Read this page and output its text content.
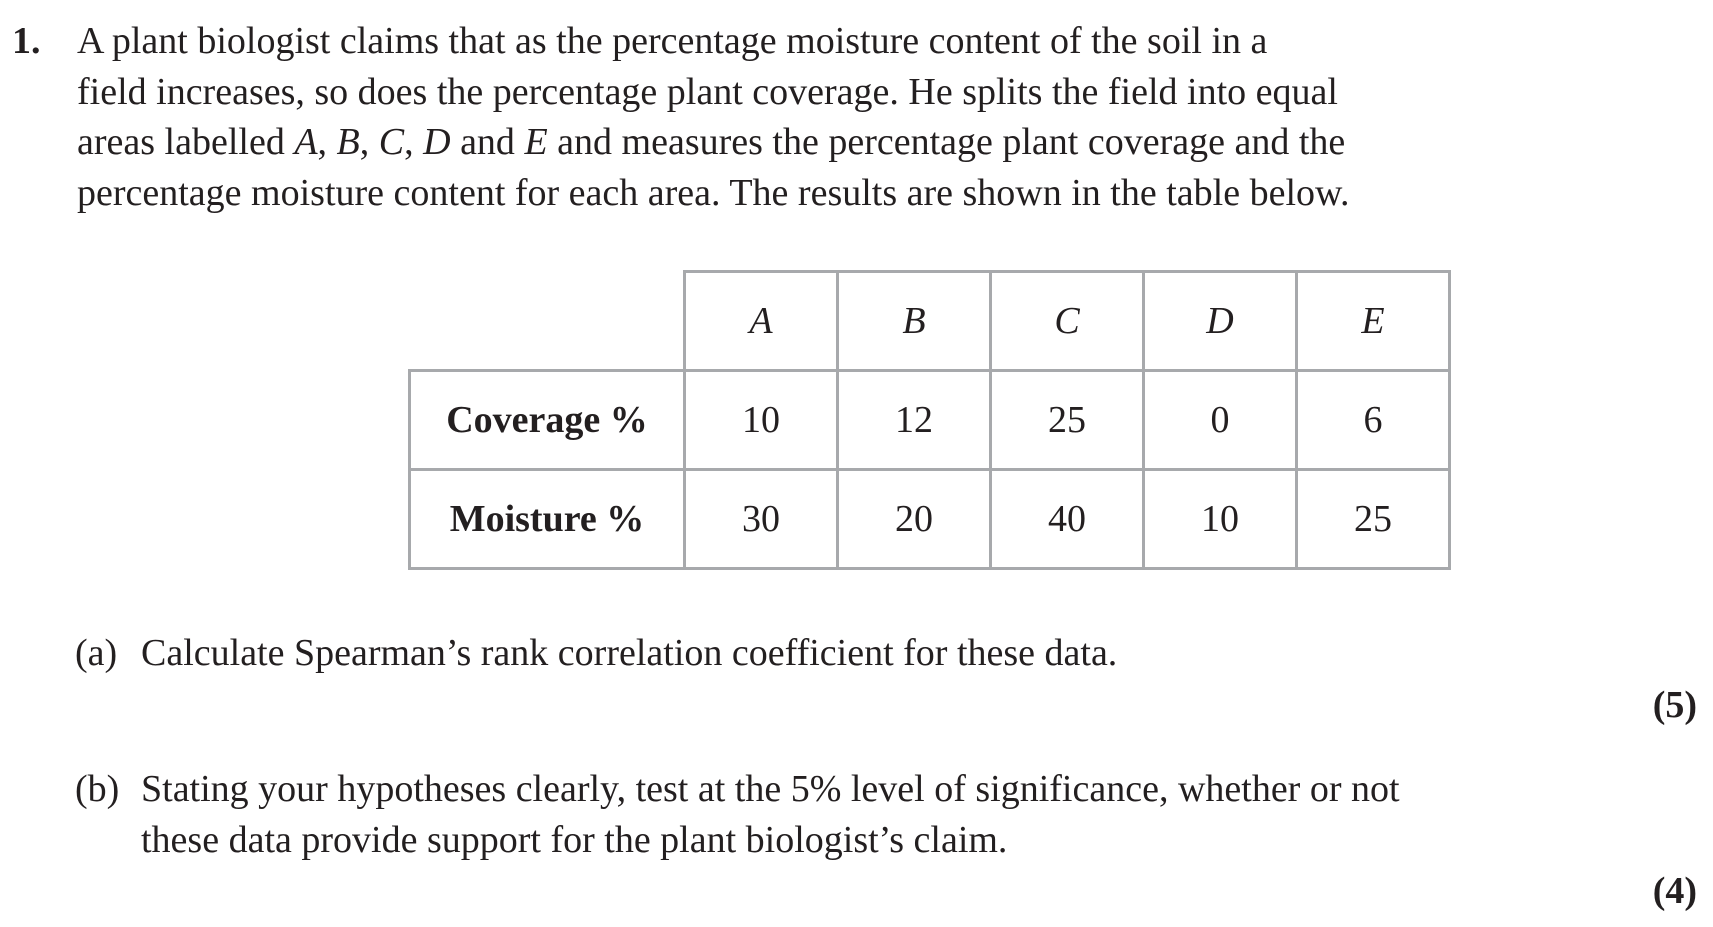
1. A plant biologist claims that as the percentage moisture content of the soil in a
field increases, so does the percentage plant coverage. He splits the field into equal
areas labelled A, B, C, D and E and measures the percentage plant coverage and the
percentage moisture content for each area. The results are shown in the table below.
	A	B	C	D	E
Coverage %	10	12	25	0	6
Moisture %	30	20	40	10	25
(a) Calculate Spearman’s rank correlation coefficient for these data.
(5)
(b) Stating your hypotheses clearly, test at the 5% level of significance, whether or not
these data provide support for the plant biologist’s claim.
(4)
